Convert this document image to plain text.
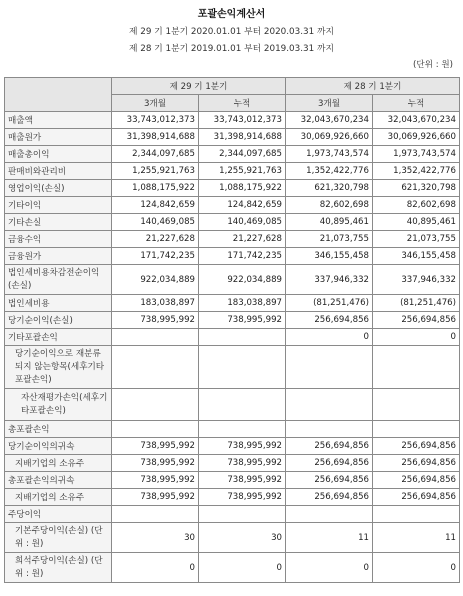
포괄손익계산서
제 29 기 1분기 2020.01.01 부터 2020.03.31 까지
제 28 기 1분기 2019.01.01 부터 2019.03.31 까지
(단위 : 원)
	제 29 기 1분기		제 28 기 1분기	
	3개월	누적	3개월	누적
매출액	33,743,012,373	33,743,012,373	32,043,670,234	32,043,670,234
매출원가	31,398,914,688	31,398,914,688	30,069,926,660	30,069,926,660
매출총이익	2,344,097,685	2,344,097,685	1,973,743,574	1,973,743,574
판매비와관리비	1,255,921,763	1,255,921,763	1,352,422,776	1,352,422,776
영업이익(손실)	1,088,175,922	1,088,175,922	621,320,798	621,320,798
기타이익	124,842,659	124,842,659	82,602,698	82,602,698
기타손실	140,469,085	140,469,085	40,895,461	40,895,461
금융수익	21,227,628	21,227,628	21,073,755	21,073,755
금융원가	171,742,235	171,742,235	346,155,458	346,155,458
법인세비용차감전순이익(손실)	922,034,889	922,034,889	337,946,332	337,946,332
법인세비용	183,038,897	183,038,897	(81,251,476)	(81,251,476)
당기순이익(손실)	738,995,992	738,995,992	256,694,856	256,694,856
기타포괄손익			0	0
당기순이익으로 재분류되지 않는항목(세후기타포괄손익)				
자산재평가손익(세후기타포괄손익)				
총포괄손익				
당기순이익의귀속	738,995,992	738,995,992	256,694,856	256,694,856
지배기업의 소유주	738,995,992	738,995,992	256,694,856	256,694,856
총포괄손익의귀속	738,995,992	738,995,992	256,694,856	256,694,856
지배기업의 소유주	738,995,992	738,995,992	256,694,856	256,694,856
주당이익				
기본주당이익(손실) (단위 : 원)	30	30	11	11
희석주당이익(손실) (단위 : 원)	0	0	0	0
